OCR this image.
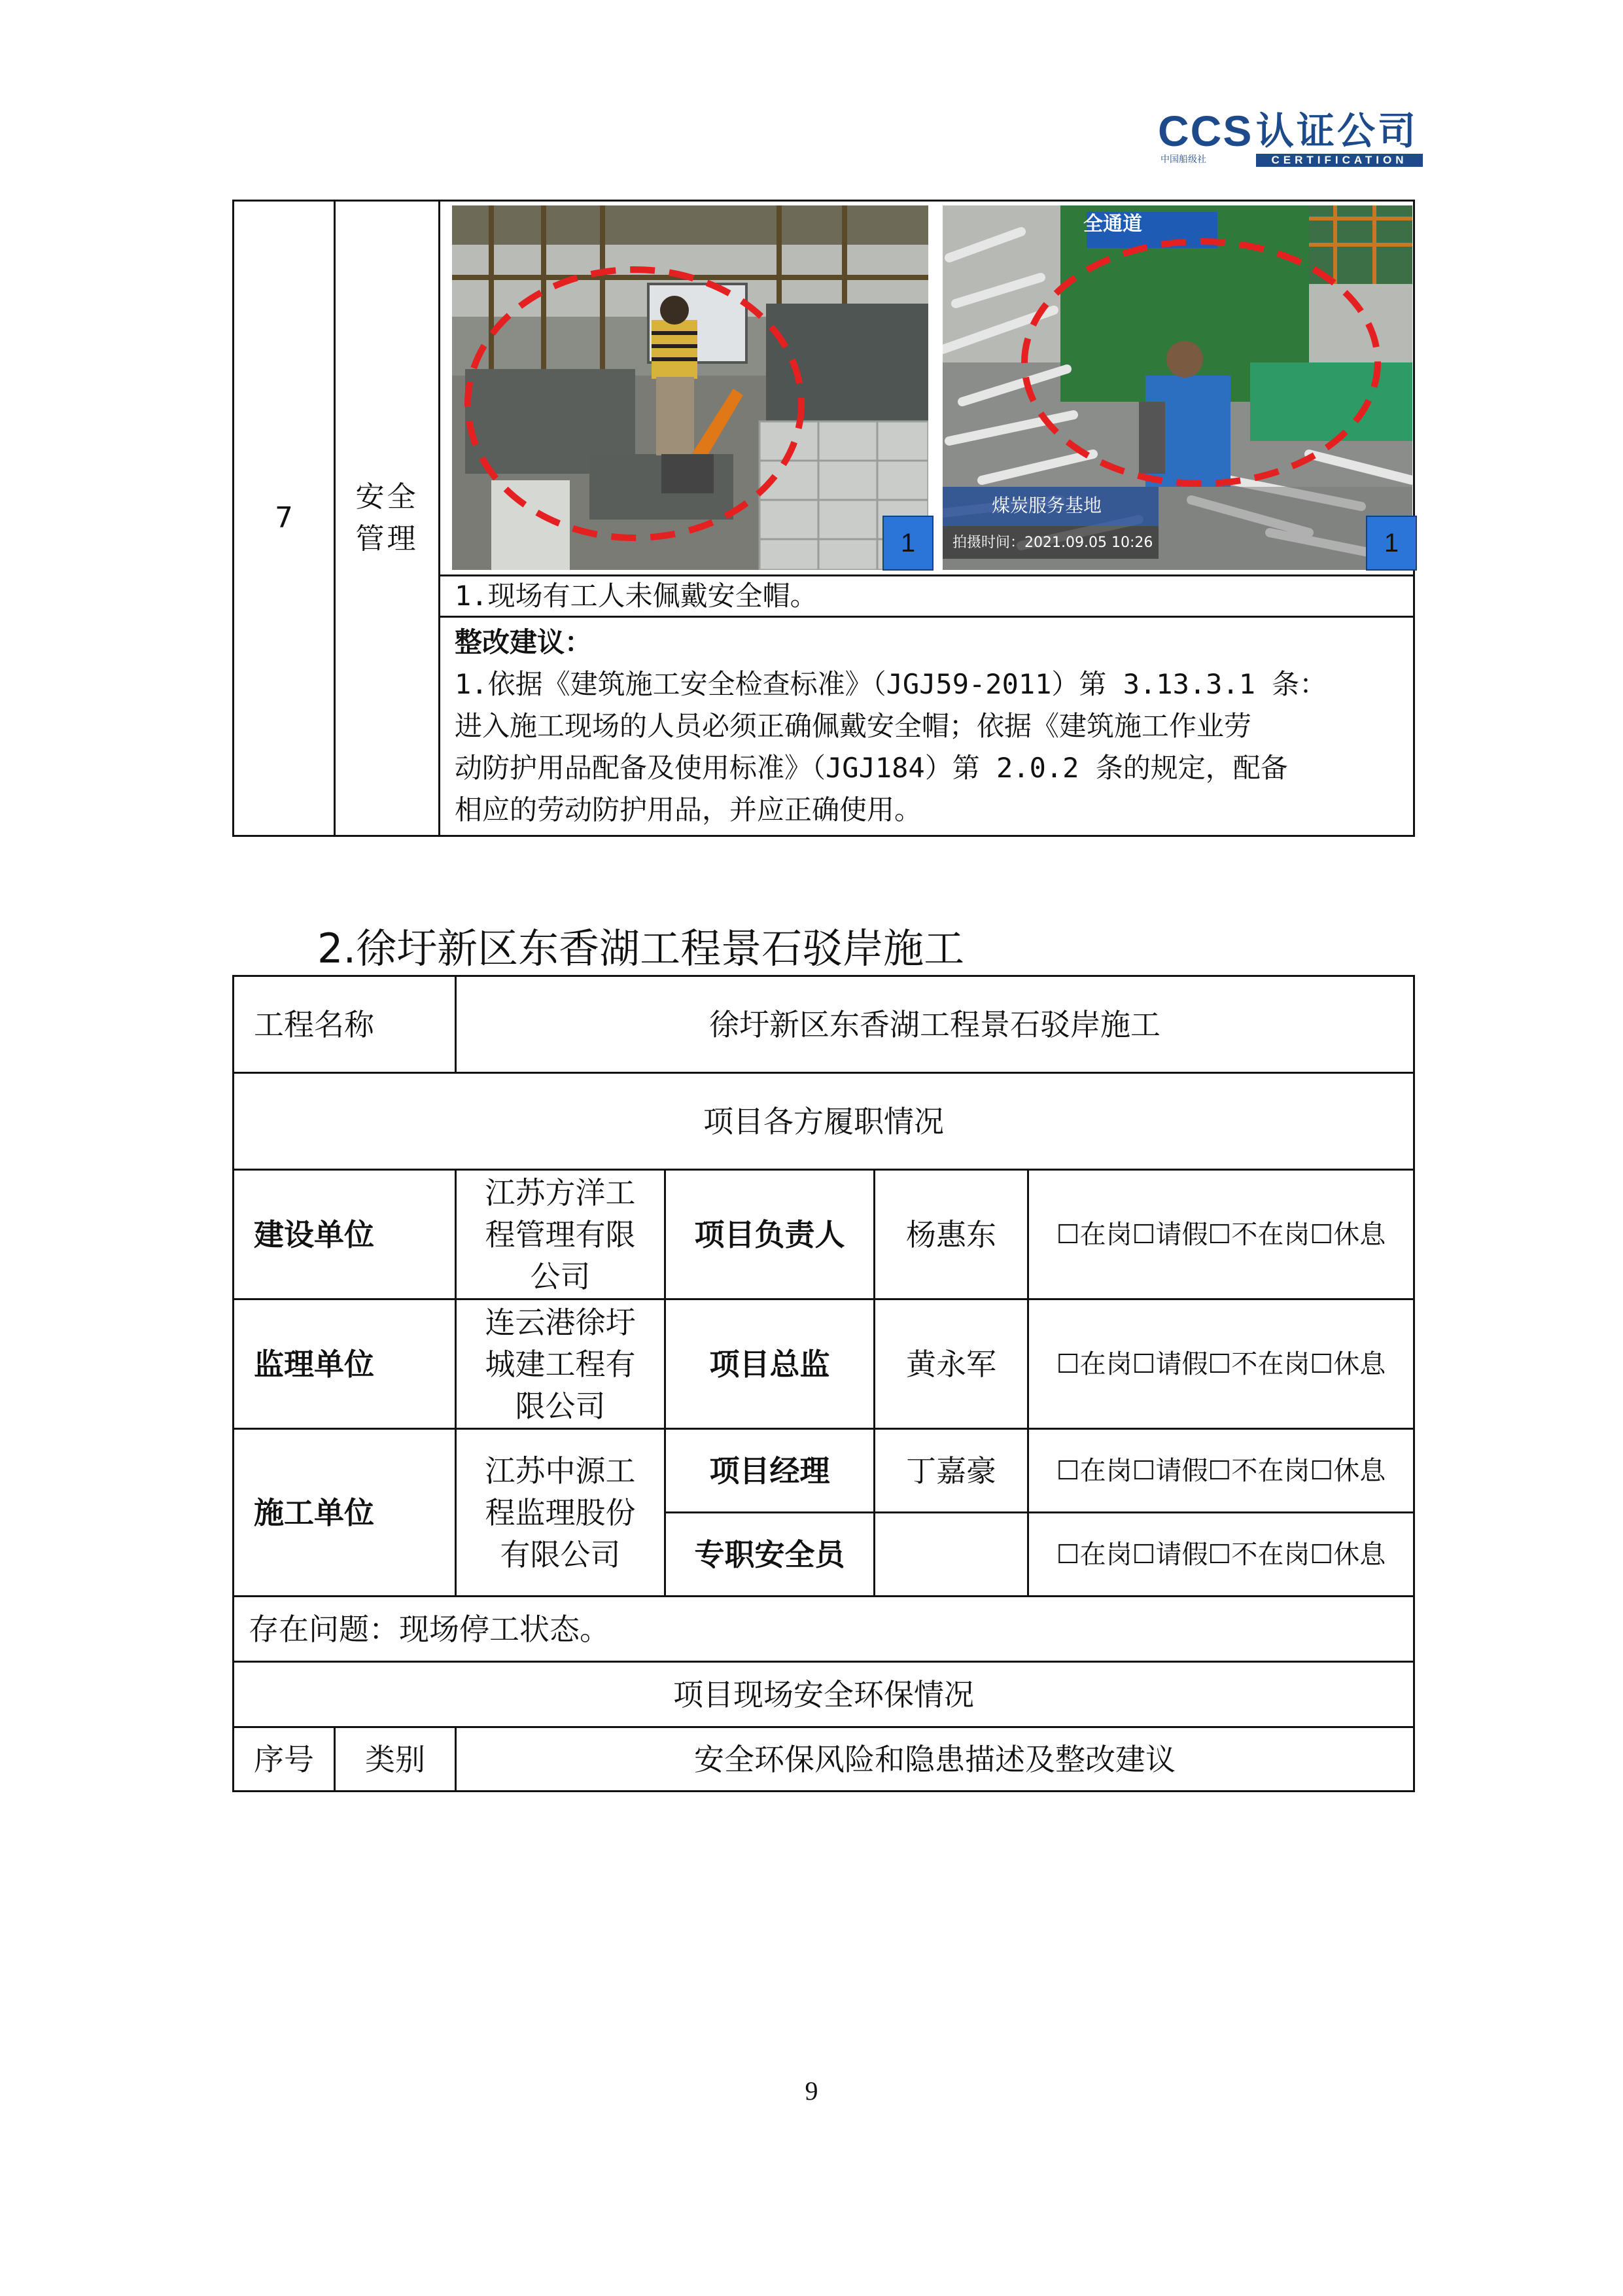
CCS 认证公司
中国船级社	CERTIFICATION
7	安全管理	1
全通道
煤炭服务基地
拍摄时间：2021.09.05 10:26	1

1.现场有工人未佩戴安全帽。

整改建议：
1.依据《建筑施工安全检查标准》（JGJ59-2011）第 3.13.3.1 条：
进入施工现场的人员必须正确佩戴安全帽；依据《建筑施工作业劳
动防护用品配备及使用标准》（JGJ184）第 2.0.2 条的规定，配备
相应的劳动防护用品，并应正确使用。
2.徐圩新区东香湖工程景石驳岸施工
工程名称		徐圩新区东香湖工程景石驳岸施工			
项目各方履职情况					
建设单位		江苏方洋工
程管理有限
公司	项目负责人	杨惠东	☐在岗☐请假☐不在岗☐休息
监理单位		连云港徐圩
城建工程有
限公司	项目总监	黄永军	☐在岗☐请假☐不在岗☐休息
施工单位		江苏中源工
程监理股份
有限公司	项目经理	丁嘉豪	☐在岗☐请假☐不在岗☐休息
			专职安全员		☐在岗☐请假☐不在岗☐休息
存在问题：现场停工状态。					
项目现场安全环保情况					
序号	类别	安全环保风险和隐患描述及整改建议			
9
